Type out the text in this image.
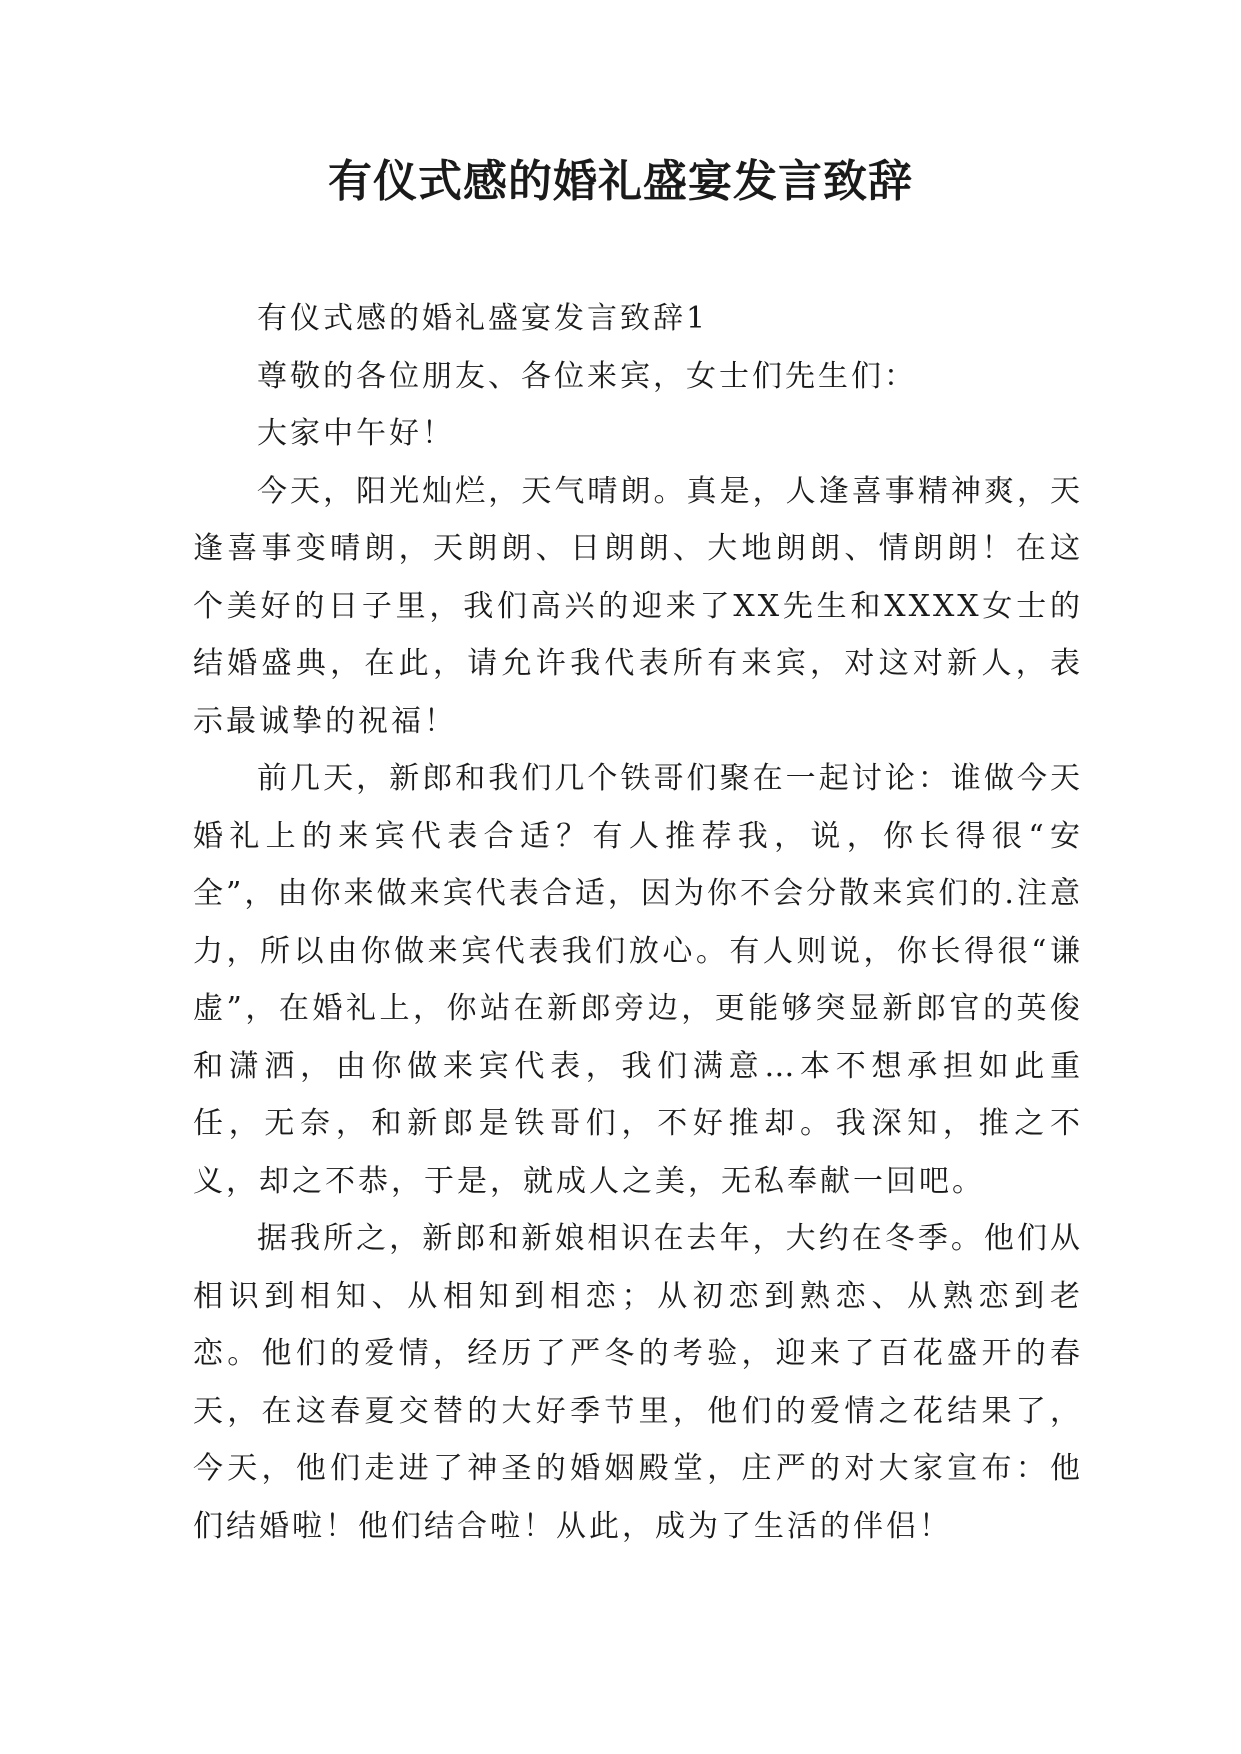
有仪式感的婚礼盛宴发言致辞

有仪式感的婚礼盛宴发言致辞1

尊敬的各位朋友、各位来宾，女士们先生们：

大家中午好！

今天，阳光灿烂，天气晴朗。真是，人逢喜事精神爽，天逢喜事变晴朗，天朗朗、日朗朗、大地朗朗、情朗朗！在这个美好的日子里，我们高兴的迎来了XX先生和XXXX女士的结婚盛典，在此，请允许我代表所有来宾，对这对新人，表示最诚挚的祝福！

前几天，新郎和我们几个铁哥们聚在一起讨论：谁做今天婚礼上的来宾代表合适？有人推荐我，说，你长得很“安全”，由你来做来宾代表合适，因为你不会分散来宾们的.注意力，所以由你做来宾代表我们放心。有人则说，你长得很“谦虚”，在婚礼上，你站在新郎旁边，更能够突显新郎官的英俊和潇洒，由你做来宾代表，我们满意…本不想承担如此重任，无奈，和新郎是铁哥们，不好推却。我深知，推之不义，却之不恭，于是，就成人之美，无私奉献一回吧。

据我所之，新郎和新娘相识在去年，大约在冬季。他们从相识到相知、从相知到相恋；从初恋到熟恋、从熟恋到老恋。他们的爱情，经历了严冬的考验，迎来了百花盛开的春天，在这春夏交替的大好季节里，他们的爱情之花结果了，今天，他们走进了神圣的婚姻殿堂，庄严的对大家宣布：他们结婚啦！他们结合啦！从此，成为了生活的伴侣！
